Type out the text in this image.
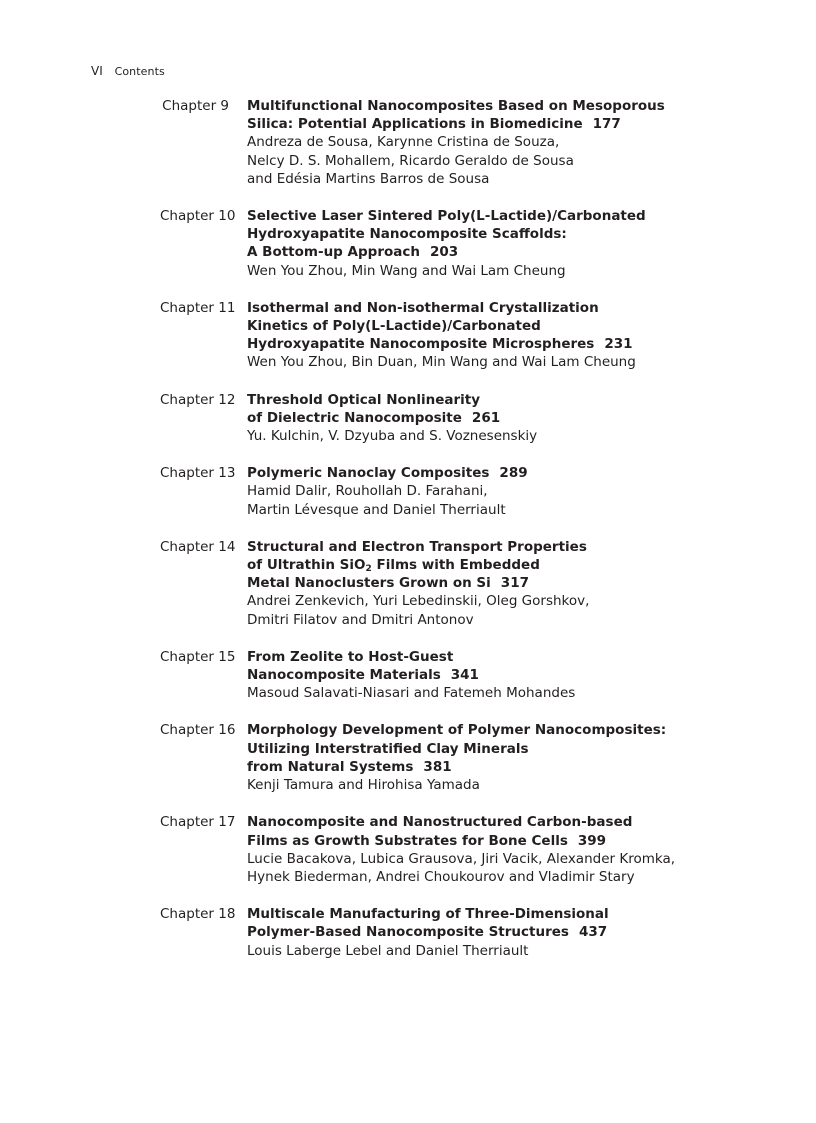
VI Contents
Chapter 9	Multifunctional Nanocomposites Based on Mesoporous
Silica: Potential Applications in Biomedicine 177
Andreza de Sousa, Karynne Cristina de Souza,
Nelcy D. S. Mohallem, Ricardo Geraldo de Sousa
and Edésia Martins Barros de Sousa
Chapter 10 Selective Laser Sintered Poly(L-Lactide)/Carbonated
Hydroxyapatite Nanocomposite Scaffolds:
A Bottom-up Approach 203
Wen You Zhou, Min Wang and Wai Lam Cheung
Chapter 11 Isothermal and Non-isothermal Crystallization
Kinetics of Poly(L-Lactide)/Carbonated
Hydroxyapatite Nanocomposite Microspheres 231
Wen You Zhou, Bin Duan, Min Wang and Wai Lam Cheung
Chapter 12 Threshold Optical Nonlinearity
of Dielectric Nanocomposite 261
Yu. Kulchin, V. Dzyuba and S. Voznesenskiy
Chapter 13 Polymeric Nanoclay Composites 289
Hamid Dalir, Rouhollah D. Farahani,
Martin Lévesque and Daniel Therriault
Chapter 14 Structural and Electron Transport Properties
of Ultrathin SiO$_2$ Films with Embedded
Metal Nanoclusters Grown on Si 317
Andrei Zenkevich, Yuri Lebedinskii, Oleg Gorshkov,
Dmitri Filatov and Dmitri Antonov
Chapter 15 From Zeolite to Host-Guest
Nanocomposite Materials 341
Masoud Salavati-Niasari and Fatemeh Mohandes
Chapter 16 Morphology Development of Polymer Nanocomposites:
Utilizing Interstratified Clay Minerals
from Natural Systems 381
Kenji Tamura and Hirohisa Yamada
Chapter 17 Nanocomposite and Nanostructured Carbon-based
Films as Growth Substrates for Bone Cells 399
Lucie Bacakova, Lubica Grausova, Jiri Vacik, Alexander Kromka,
Hynek Biederman, Andrei Choukourov and Vladimir Stary
Chapter 18 Multiscale Manufacturing of Three-Dimensional
Polymer-Based Nanocomposite Structures 437
Louis Laberge Lebel and Daniel Therriault
